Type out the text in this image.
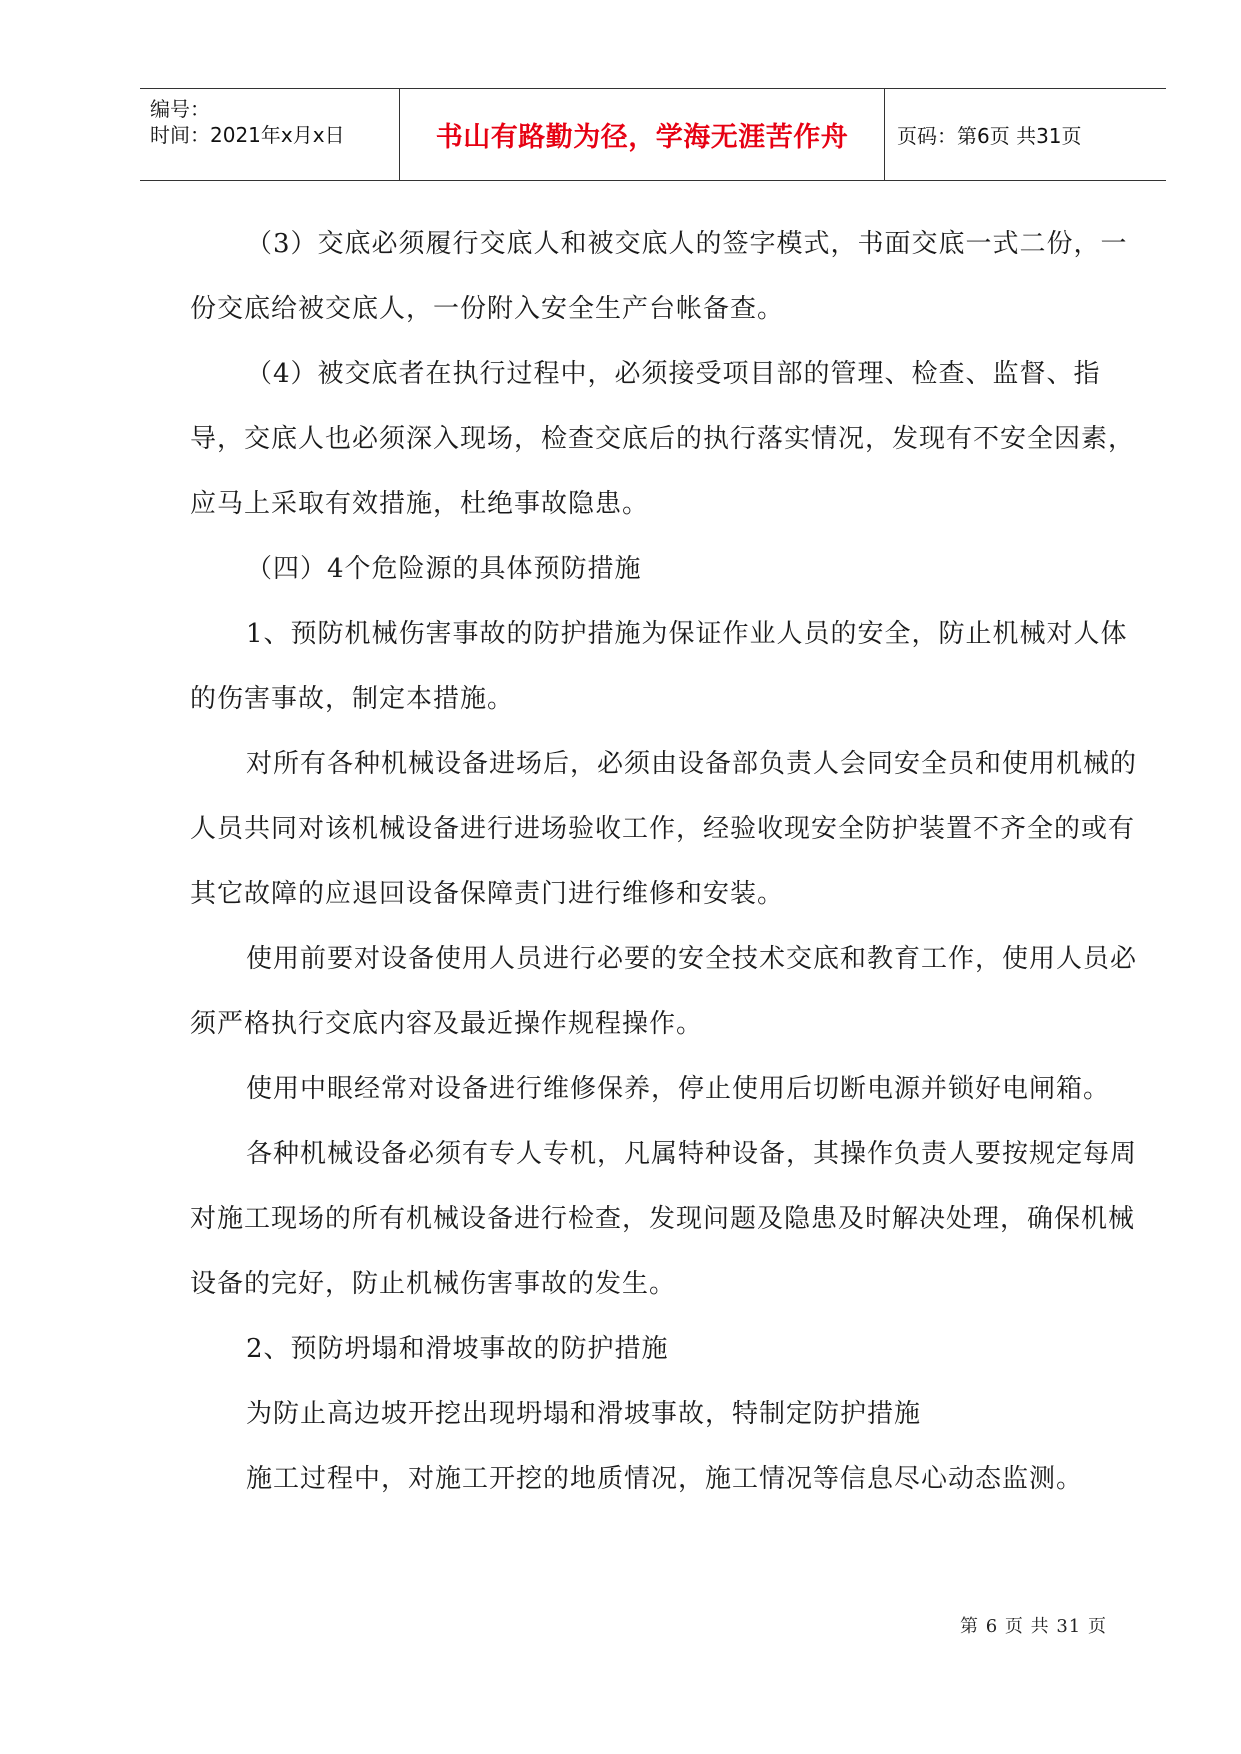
编号：
时间：2021年x月x日	书山有路勤为径，学海无涯苦作舟	页码：第6页 共31页

（3）交底必须履行交底人和被交底人的签字模式，书面交底一式二份，一份交底给被交底人，一份附入安全生产台帐备查。

（4）被交底者在执行过程中，必须接受项目部的管理、检查、监督、指导，交底人也必须深入现场，检查交底后的执行落实情况，发现有不安全因素，应马上采取有效措施，杜绝事故隐患。

（四）4个危险源的具体预防措施

1、预防机械伤害事故的防护措施为保证作业人员的安全，防止机械对人体的伤害事故，制定本措施。

对所有各种机械设备进场后，必须由设备部负责人会同安全员和使用机械的人员共同对该机械设备进行进场验收工作，经验收现安全防护装置不齐全的或有其它故障的应退回设备保障责门进行维修和安装。

使用前要对设备使用人员进行必要的安全技术交底和教育工作，使用人员必须严格执行交底内容及最近操作规程操作。

使用中眼经常对设备进行维修保养，停止使用后切断电源并锁好电闸箱。

各种机械设备必须有专人专机，凡属特种设备，其操作负责人要按规定每周对施工现场的所有机械设备进行检查，发现问题及隐患及时解决处理，确保机械设备的完好，防止机械伤害事故的发生。

2、预防坍塌和滑坡事故的防护措施

为防止高边坡开挖出现坍塌和滑坡事故，特制定防护措施

施工过程中，对施工开挖的地质情况，施工情况等信息尽心动态监测。

第 6 页 共 31 页
